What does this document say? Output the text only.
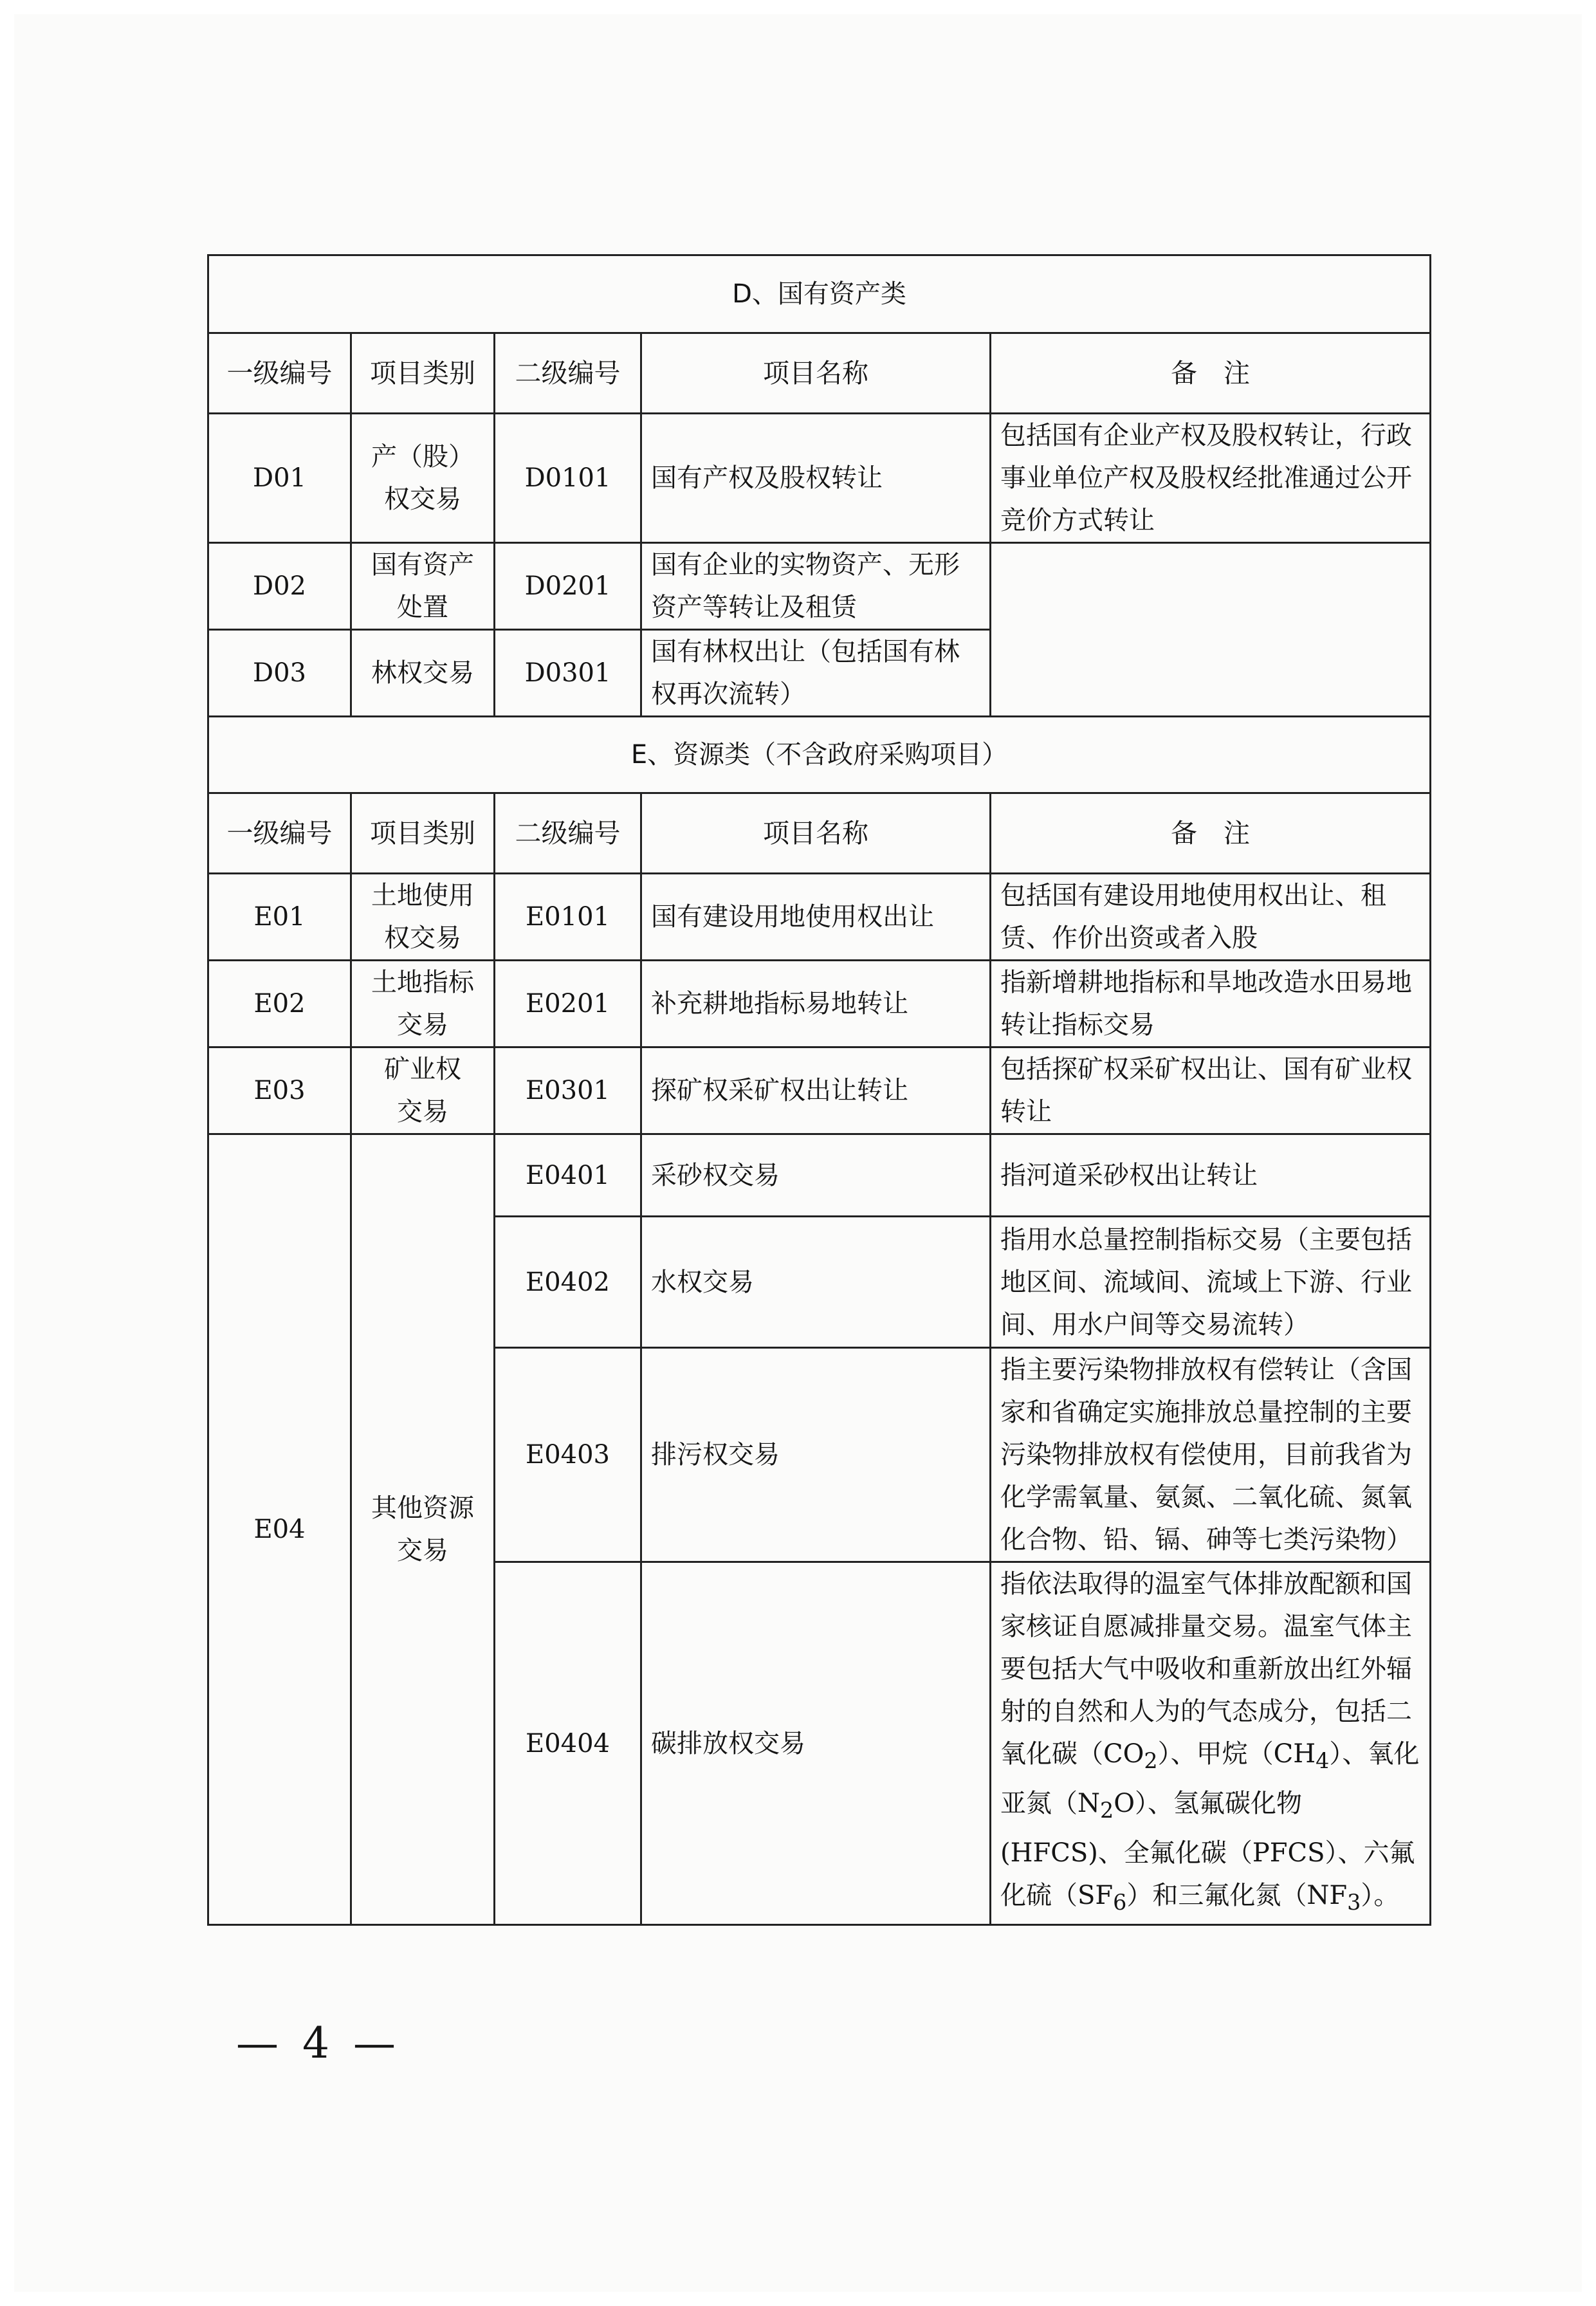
D、国有资产类				
一级编号	项目类别	二级编号	项目名称	备　注
D01	产（股）权交易	D0101	国有产权及股权转让	包括国有企业产权及股权转让，行政事业单位产权及股权经批准通过公开竞价方式转让
D02	国有资产处置	D0201	国有企业的实物资产、无形资产等转让及租赁	
D03	林权交易	D0301	国有林权出让（包括国有林权再次流转）	
E、资源类（不含政府采购项目）				
一级编号	项目类别	二级编号	项目名称	备　注
E01	土地使用权交易	E0101	国有建设用地使用权出让	包括国有建设用地使用权出让、租赁、作价出资或者入股
E02	土地指标交易	E0201	补充耕地指标易地转让	指新增耕地指标和旱地改造水田易地转让指标交易
E03	矿业权交易	E0301	探矿权采矿权出让转让	包括探矿权采矿权出让、国有矿业权转让
E04	其他资源交易	E0401	采砂权交易	指河道采砂权出让转让
		E0402	水权交易	指用水总量控制指标交易（主要包括地区间、流域间、流域上下游、行业间、用水户间等交易流转）
		E0403	排污权交易	指主要污染物排放权有偿转让（含国家和省确定实施排放总量控制的主要污染物排放权有偿使用，目前我省为化学需氧量、氨氮、二氧化硫、氮氧化合物、铅、镉、砷等七类污染物）
		E0404	碳排放权交易	指依法取得的温室气体排放配额和国家核证自愿减排量交易。温室气体主要包括大气中吸收和重新放出红外辐射的自然和人为的气态成分，包括二氧化碳$(CO_2)$、甲烷$(CH_4)$、氧化亚氮$(N_2O)$、氢氟碳化物(HFCS)、全氟化碳（PFCS）、六氟化硫$(SF_6)$和三氟化氮$(NF_3)$。
— 4 —
